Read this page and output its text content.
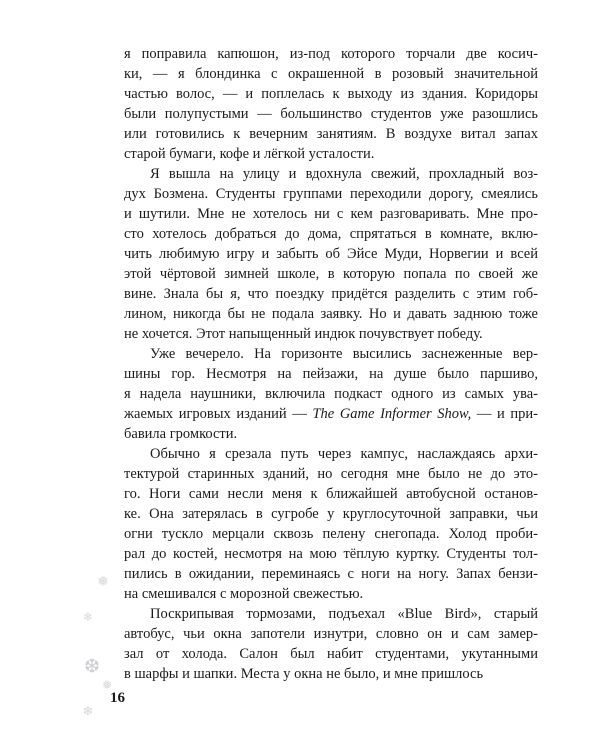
я поправила капюшон, из-под которого торчали две косич-
ки, — я блондинка с окрашенной в розовый значительной
частью волос, — и поплелась к выходу из здания. Коридоры
были полупустыми — большинство студентов уже разошлись
или готовились к вечерним занятиям. В воздухе витал запах
старой бумаги, кофе и лёгкой усталости.
Я вышла на улицу и вдохнула свежий, прохладный воз-
дух Бозмена. Студенты группами переходили дорогу, смеялись
и шутили. Мне не хотелось ни с кем разговаривать. Мне про-
сто хотелось добраться до дома, спрятаться в комнате, вклю-
чить любимую игру и забыть об Эйсе Муди, Норвегии и всей
этой чёртовой зимней школе, в которую попала по своей же
вине. Знала бы я, что поездку придётся разделить с этим гоб-
лином, никогда бы не подала заявку. Но и давать заднюю тоже
не хочется. Этот напыщенный индюк почувствует победу.
Уже вечерело. На горизонте высились заснеженные вер-
шины гор. Несмотря на пейзажи, на душе было паршиво,
я надела наушники, включила подкаст одного из самых ува-
жаемых игровых изданий — The Game Informer Show, — и при-
бавила громкости.
Обычно я срезала путь через кампус, наслаждаясь архи-
тектурой старинных зданий, но сегодня мне было не до это-
го. Ноги сами несли меня к ближайшей автобусной останов-
ке. Она затерялась в сугробе у круглосуточной заправки, чьи
огни тускло мерцали сквозь пелену снегопада. Холод проби-
рал до костей, несмотря на мою тёплую куртку. Студенты тол-
пились в ожидании, переминаясь с ноги на ногу. Запах бензи-
на смешивался с морозной свежестью.
Поскрипывая тормозами, подъехал «Blue Bird», старый
автобус, чьи окна запотели изнутри, словно он и сам замер-
зал от холода. Салон был набит студентами, укутанными
в шарфы и шапки. Места у окна не было, и мне пришлось
16
❅
❄
❆
❅
❄
